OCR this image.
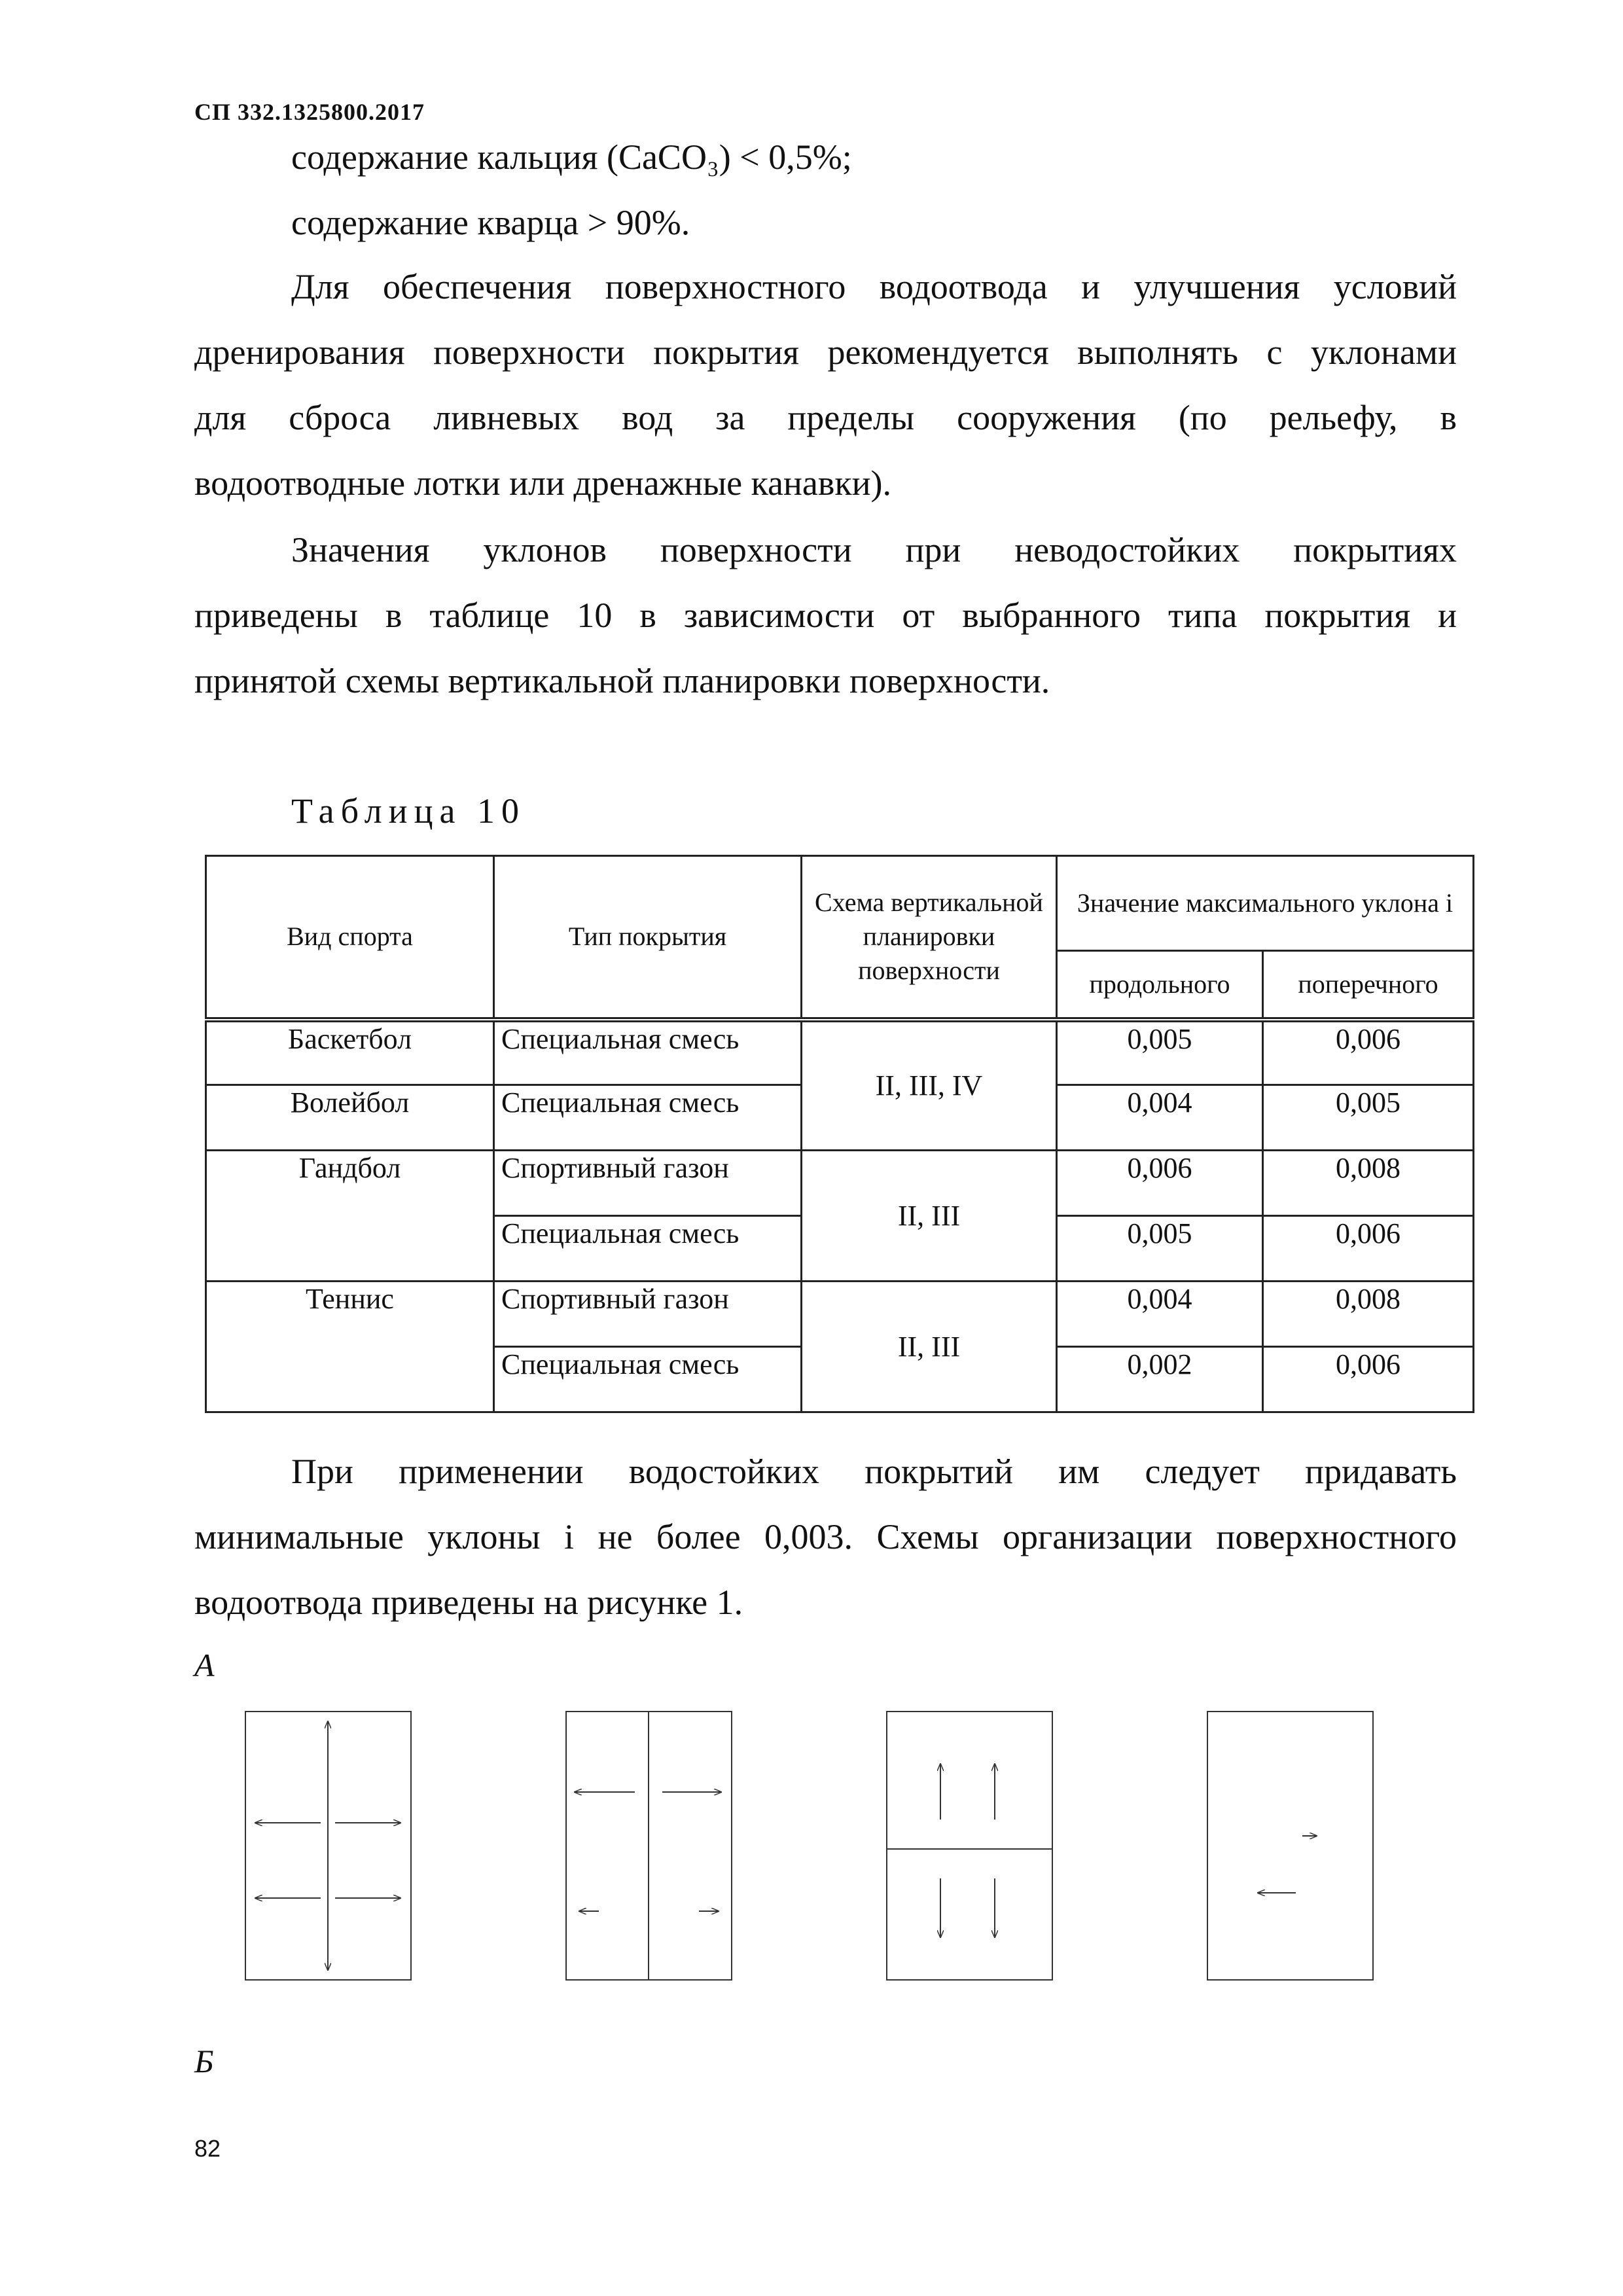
СП 332.1325800.2017
содержание кальция (CaCO₃) < 0,5%;
содержание кварца > 90%.
Для обеспечения поверхностного водоотвода и улучшения условий
дренирования поверхности покрытия рекомендуется выполнять с уклонами
для сброса ливневых вод за пределы сооружения (по рельефу, в
водоотводные лотки или дренажные канавки).
Значения уклонов поверхности при неводостойких покрытиях
приведены в таблице 10 в зависимости от выбранного типа покрытия и
принятой схемы вертикальной планировки поверхности.
Таблица 10
Вид спорта	Тип покрытия	Схема вертикальной планировки поверхности	Значение максимального уклона i	
			продольного	поперечного
Баскетбол	Специальная смесь	II, III, IV	0,005	0,006
Волейбол	Специальная смесь		0,004	0,005
Гандбол	Спортивный газон	II, III	0,006	0,008
	Специальная смесь		0,005	0,006
Теннис	Спортивный газон	II, III	0,004	0,008
	Специальная смесь		0,002	0,006
При применении водостойких покрытий им следует придавать
минимальные уклоны i не более 0,003. Схемы организации поверхностного
водоотвода приведены на рисунке 1.
А
Б
82
